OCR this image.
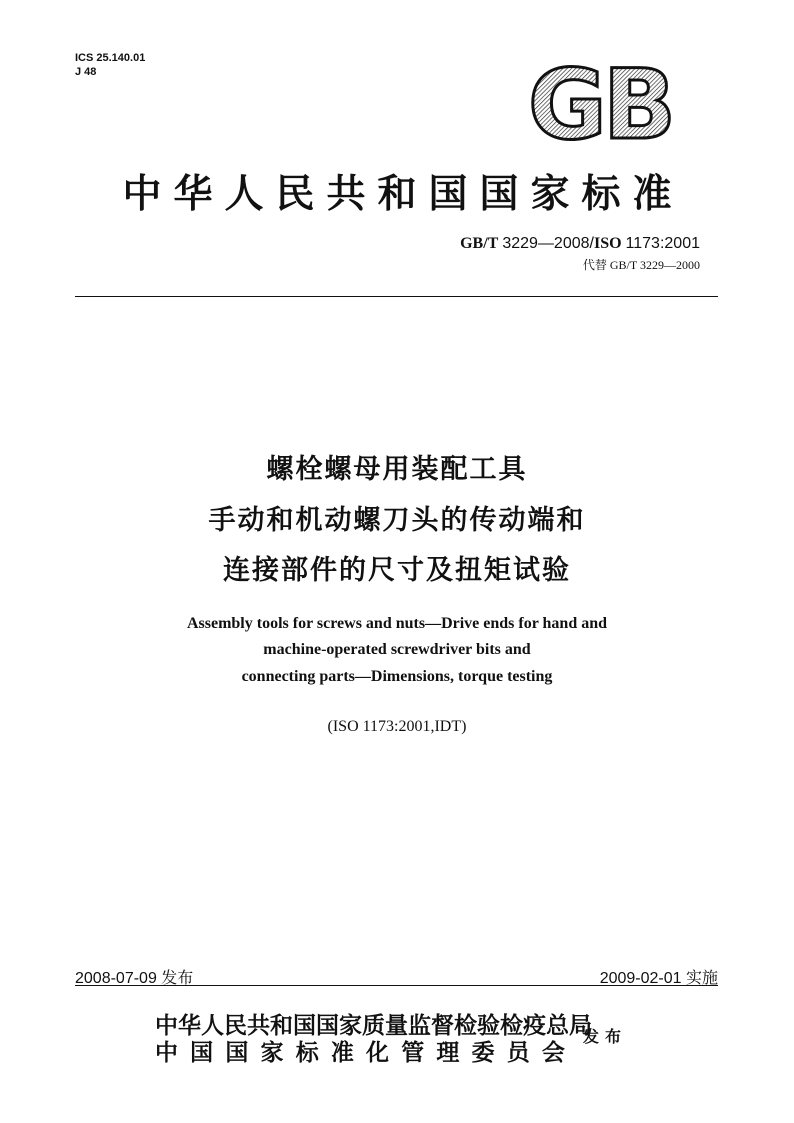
ICS 25.140.01
J 48	GB
中华人民共和国国家标准
GB/T 3229—2008/ISO 1173:2001
代替 GB/T 3229—2000
螺栓螺母用装配工具
手动和机动螺刀头的传动端和
连接部件的尺寸及扭矩试验
Assembly tools for screws and nuts—Drive ends for hand and
machine-operated screwdriver bits and
connecting parts—Dimensions, torque testing
(ISO 1173:2001,IDT)
2008-07-09 发布	2009-02-01 实施
中华人民共和国国家质量监督检验检疫总局
中 国 国 家 标 准 化 管 理 委 员 会
发布
